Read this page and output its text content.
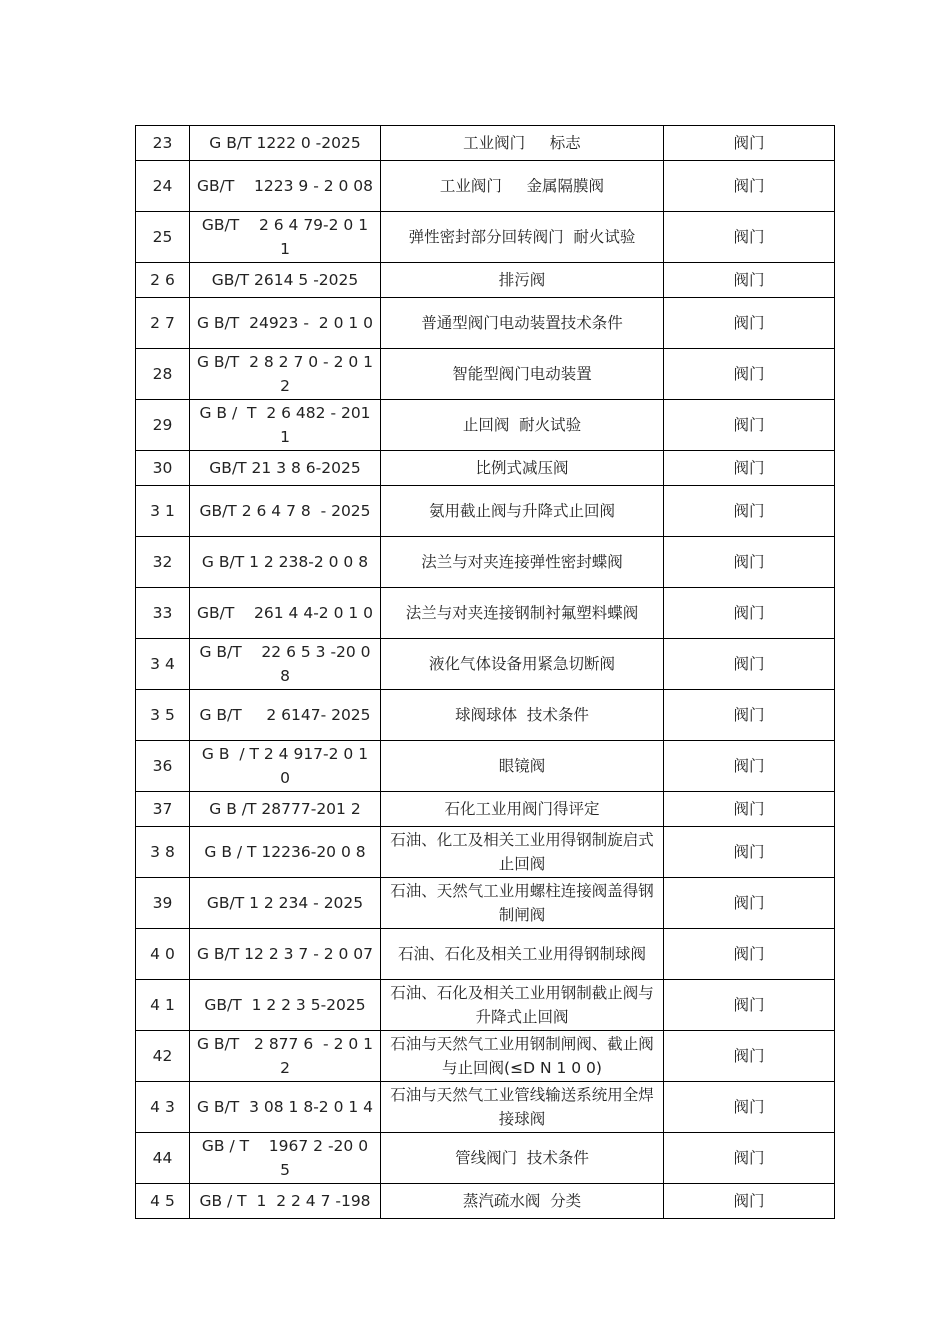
23	G B/T 1222 0 -2025	工业阀门     标志	阀门
24	GB/T    1223 9 - 2 0 08	工业阀门     金属隔膜阀	阀门
25	GB/T    2 6 4 79-2 0 1 1	弹性密封部分回转阀门  耐火试验	阀门
2 6	GB/T 2614 5 -2025	排污阀	阀门
2 7	G B/T  24923 -  2 0 1 0	普通型阀门电动装置技术条件	阀门
28	G B/T  2 8 2 7 0 - 2 0 1 2	智能型阀门电动装置	阀门
29	G B /  T  2 6 482 - 201 1	止回阀  耐火试验	阀门
30	GB/T 21 3 8 6-2025	比例式减压阀	阀门
3 1	GB/T 2 6 4 7 8  - 2025	氨用截止阀与升降式止回阀	阀门
32	G B/T 1 2 238-2 0 0 8	法兰与对夹连接弹性密封蝶阀	阀门
33	GB/T    261 4 4-2 0 1 0	法兰与对夹连接钢制衬氟塑料蝶阀	阀门
3 4	G B/T    22 6 5 3 -20 0 8	液化气体设备用紧急切断阀	阀门
3 5	G B/T     2 6147- 2025	球阀球体  技术条件	阀门
36	G B  / T 2 4 917-2 0 1 0	眼镜阀	阀门
37	G B /T 28777-201 2	石化工业用阀门得评定	阀门
3 8	G B / T 12236-20 0 8	石油、化工及相关工业用得钢制旋启式止回阀	阀门
39	GB/T 1 2 234 - 2025	石油、天然气工业用螺柱连接阀盖得钢制闸阀	阀门
4 0	G B/T 12 2 3 7 - 2 0 07	石油、石化及相关工业用得钢制球阀	阀门
4 1	GB/T  1 2 2 3 5-2025	石油、石化及相关工业用钢制截止阀与升降式止回阀	阀门
42	G B/T   2 877 6  - 2 0 12	石油与天然气工业用钢制闸阀、截止阀与止回阀(≤D N 1 0 0)	阀门
4 3	G B/T  3 08 1 8-2 0 1 4	石油与天然气工业管线输送系统用全焊接球阀	阀门
44	GB / T    1967 2 -20 0 5	管线阀门  技术条件	阀门
4 5	GB / T  1  2 2 4 7 -198	蒸汽疏水阀  分类	阀门
